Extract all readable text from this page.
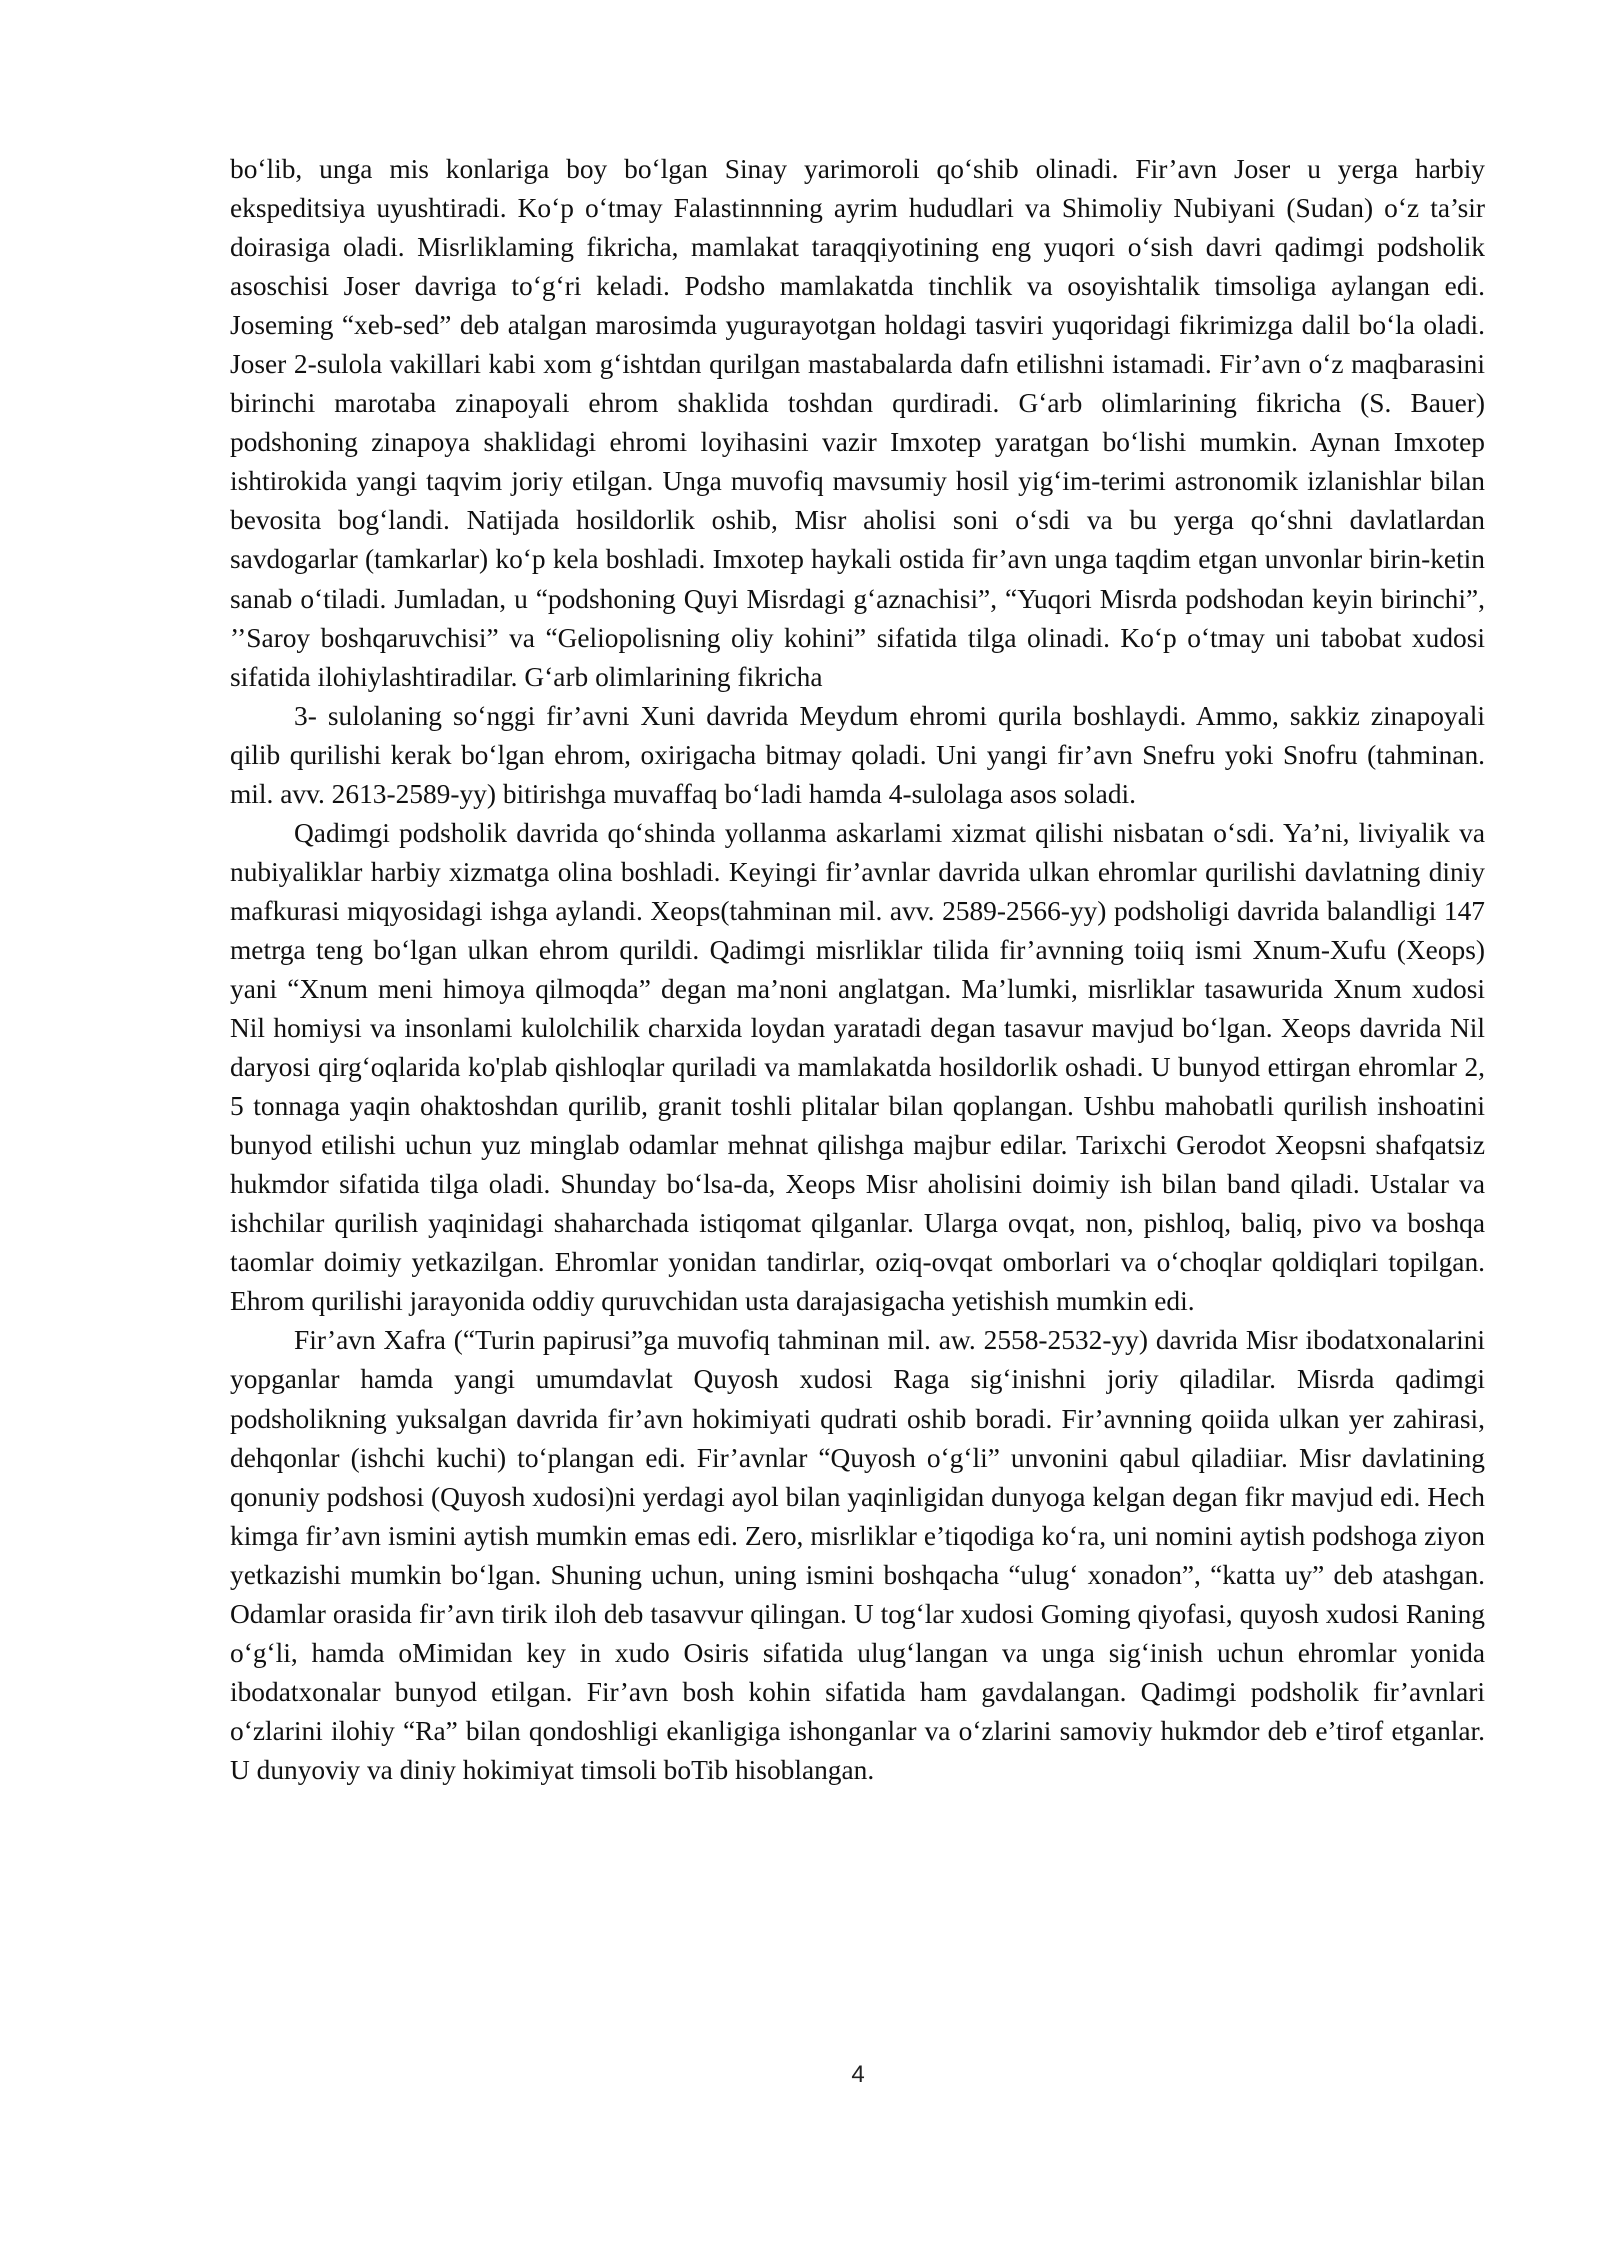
bo‘lib, unga mis konlariga boy bo‘lgan Sinay yarimoroli qo‘shib olinadi. Fir’avn Joser u yerga harbiy ekspeditsiya uyushtiradi. Ko‘p o‘tmay Falastinnning ayrim hududlari va Shimoliy Nubiyani (Sudan) o‘z ta’sir doirasiga oladi. Misrliklaming fikricha, mamlakat taraqqiyotining eng yuqori o‘sish davri qadimgi podsholik asoschisi Joser davriga to‘g‘ri keladi. Podsho mamlakatda tinchlik va osoyishtalik timsoliga aylangan edi. Joseming “xeb-sed” deb atalgan marosimda yugurayotgan holdagi tasviri yuqoridagi fikrimizga dalil bo‘la oladi. Joser 2-sulola vakillari kabi xom g‘ishtdan qurilgan mastabalarda dafn etilishni istamadi. Fir’avn o‘z maqbarasini birinchi marotaba zinapoyali ehrom shaklida toshdan qurdiradi. G‘arb olimlarining fikricha (S. Bauer) podshoning zinapoya shaklidagi ehromi loyihasini vazir Imxotep yaratgan bo‘lishi mumkin. Aynan Imxotep ishtirokida yangi taqvim joriy etilgan. Unga muvofiq mavsumiy hosil yig‘im-terimi astronomik izlanishlar bilan bevosita bog‘landi. Natijada hosildorlik oshib, Misr aholisi soni o‘sdi va bu yerga qo‘shni davlatlardan savdogarlar (tamkarlar) ko‘p kela boshladi. Imxotep haykali ostida fir’avn unga taqdim etgan unvonlar birin-ketin sanab o‘tiladi. Jumladan, u “podshoning Quyi Misrdagi g‘aznachisi”, “Yuqori Misrda podshodan keyin birinchi”, ’’Saroy boshqaruvchisi” va “Geliopolisning oliy kohini” sifatida tilga olinadi. Ko‘p o‘tmay uni tabobat xudosi sifatida ilohiylashtiradilar. G‘arb olimlarining fikricha

3- sulolaning so‘nggi fir’avni Xuni davrida Meydum ehromi qurila boshlaydi. Ammo, sakkiz zinapoyali qilib qurilishi kerak bo‘lgan ehrom, oxirigacha bitmay qoladi. Uni yangi fir’avn Snefru yoki Snofru (tahminan. mil. avv. 2613-2589-yy) bitirishga muvaffaq bo‘ladi hamda 4-sulolaga asos soladi.

Qadimgi podsholik davrida qo‘shinda yollanma askarlami xizmat qilishi nisbatan o‘sdi. Ya’ni, liviyalik va nubiyaliklar harbiy xizmatga olina boshladi. Keyingi fir’avnlar davrida ulkan ehromlar qurilishi davlatning diniy mafkurasi miqyosidagi ishga aylandi. Xeops(tahminan mil. avv. 2589-2566-yy) podsholigi davrida balandligi 147 metrga teng bo‘lgan ulkan ehrom qurildi. Qadimgi misrliklar tilida fir’avnning toiiq ismi Xnum-Xufu (Xeops) yani “Xnum meni himoya qilmoqda” degan ma’noni anglatgan. Ma’lumki, misrliklar tasawurida Xnum xudosi Nil homiysi va insonlami kulolchilik charxida loydan yaratadi degan tasavur mavjud bo‘lgan. Xeops davrida Nil daryosi qirg‘oqlarida ko'plab qishloqlar quriladi va mamlakatda hosildorlik oshadi. U bunyod ettirgan ehromlar 2, 5 tonnaga yaqin ohaktoshdan qurilib, granit toshli plitalar bilan qoplangan. Ushbu mahobatli qurilish inshoatini bunyod etilishi uchun yuz minglab odamlar mehnat qilishga majbur edilar. Tarixchi Gerodot Xeopsni shafqatsiz hukmdor sifatida tilga oladi. Shunday bo‘lsa-da, Xeops Misr aholisini doimiy ish bilan band qiladi. Ustalar va ishchilar qurilish yaqinidagi shaharchada istiqomat qilganlar. Ularga ovqat, non, pishloq, baliq, pivo va boshqa taomlar doimiy yetkazilgan. Ehromlar yonidan tandirlar, oziq-ovqat omborlari va o‘choqlar qoldiqlari topilgan. Ehrom qurilishi jarayonida oddiy quruvchidan usta darajasigacha yetishish mumkin edi.

Fir’avn Xafra (“Turin papirusi”ga muvofiq tahminan mil. aw. 2558-2532-yy) davrida Misr ibodatxonalarini yopganlar hamda yangi umumdavlat Quyosh xudosi Raga sig‘inishni joriy qiladilar. Misrda qadimgi podsholikning yuksalgan davrida fir’avn hokimiyati qudrati oshib boradi. Fir’avnning qoiida ulkan yer zahirasi, dehqonlar (ishchi kuchi) to‘plangan edi. Fir’avnlar “Quyosh o‘g‘li” unvonini qabul qiladiiar. Misr davlatining qonuniy podshosi (Quyosh xudosi)ni yerdagi ayol bilan yaqinligidan dunyoga kelgan degan fikr mavjud edi. Hech kimga fir’avn ismini aytish mumkin emas edi. Zero, misrliklar e’tiqodiga ko‘ra, uni nomini aytish podshoga ziyon yetkazishi mumkin bo‘lgan. Shuning uchun, uning ismini boshqacha “ulug‘ xonadon”, “katta uy” deb atashgan. Odamlar orasida fir’avn tirik iloh deb tasavvur qilingan. U tog‘lar xudosi Goming qiyofasi, quyosh xudosi Raning o‘g‘li, hamda oMimidan key in xudo Osiris sifatida ulug‘langan va unga sig‘inish uchun ehromlar yonida ibodatxonalar bunyod etilgan. Fir’avn bosh kohin sifatida ham gavdalangan. Qadimgi podsholik fir’avnlari o‘zlarini ilohiy “Ra” bilan qondoshligi ekanligiga ishonganlar va o‘zlarini samoviy hukmdor deb e’tirof etganlar. U dunyoviy va diniy hokimiyat timsoli boTib hisoblangan.

4
